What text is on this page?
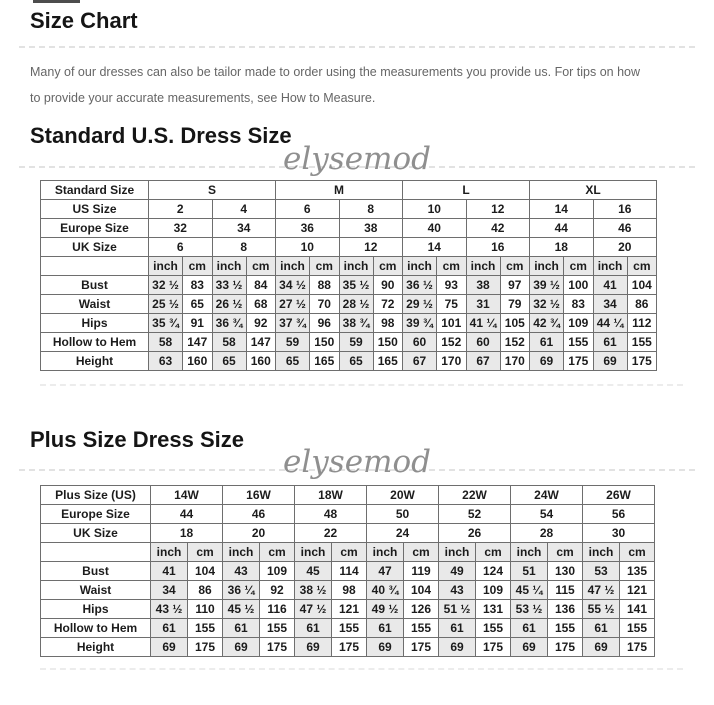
Size Chart

Many of our dresses can also be tailor made to order using the measurements you provide us. For tips on how to provide your accurate measurements, see How to Measure.

Standard U.S. Dress Size
elysemod
Standard Size	S				M				L				XL			
US Size	2		4		6		8		10		12		14		16	
Europe Size	32		34		36		38		40		42		44		46	
UK Size	6		8		10		12		14		16		18		20	
	inch	cm	inch	cm	inch	cm	inch	cm	inch	cm	inch	cm	inch	cm	inch	cm
Bust	32 ½	83	33 ½	84	34 ½	88	35 ½	90	36 ½	93	38	97	39 ½	100	41	104
Waist	25 ½	65	26 ½	68	27 ½	70	28 ½	72	29 ½	75	31	79	32 ½	83	34	86
Hips	35 ¾	91	36 ¾	92	37 ¾	96	38 ¾	98	39 ¾	101	41 ¼	105	42 ¾	109	44 ¼	112
Hollow to Hem	58	147	58	147	59	150	59	150	60	152	60	152	61	155	61	155
Height	63	160	65	160	65	165	65	165	67	170	67	170	69	175	69	175
Plus Size Dress Size
elysemod
Plus Size (US)	14W		16W		18W		20W		22W		24W		26W	
Europe Size	44		46		48		50		52		54		56	
UK Size	18		20		22		24		26		28		30	
	inch	cm	inch	cm	inch	cm	inch	cm	inch	cm	inch	cm	inch	cm
Bust	41	104	43	109	45	114	47	119	49	124	51	130	53	135
Waist	34	86	36 ¼	92	38 ½	98	40 ¾	104	43	109	45 ¼	115	47 ½	121
Hips	43 ½	110	45 ½	116	47 ½	121	49 ½	126	51 ½	131	53 ½	136	55 ½	141
Hollow to Hem	61	155	61	155	61	155	61	155	61	155	61	155	61	155
Height	69	175	69	175	69	175	69	175	69	175	69	175	69	175
